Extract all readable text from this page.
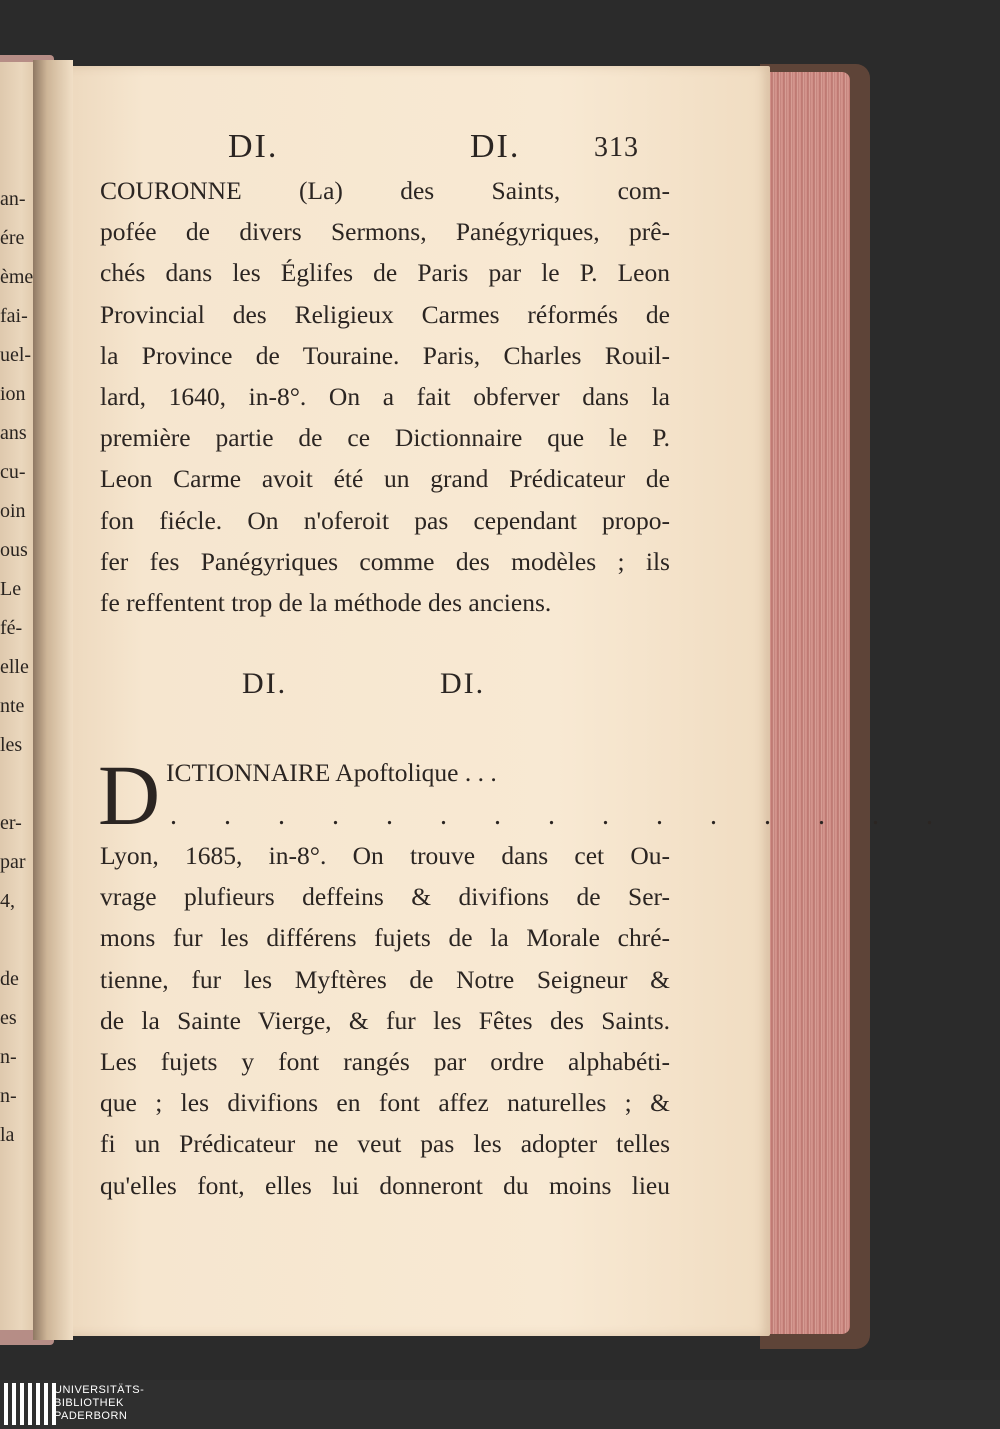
an-
ére
ème
fai-
uel-
ion
ans
cu-
oin
ous
Le
fé-
elle
nte
les
er-
par
4,
de
es
n-
n-
la
DI.	DI.	313
COURONNE (La) des Saints, com-
pofée de divers Sermons, Panégyriques, prê-
chés dans les Églifes de Paris par le P. Leon
Provincial des Religieux Carmes réformés de
la Province de Touraine. Paris, Charles Rouil-
lard, 1640, in-8°. On a fait obferver dans la
première partie de ce Dictionnaire que le P.
Leon Carme avoit été un grand Prédicateur de
fon fiécle. On n'oferoit pas cependant propo-
fer fes Panégyriques comme des modèles ; ils
fe reffentent trop de la méthode des anciens.
DI.	DI.
D ICTIONNAIRE Apoftolique . . .
. . . . . . . . . . . . . . .
Lyon, 1685, in-8°. On trouve dans cet Ou-
vrage plufieurs deffeins & divifions de Ser-
mons fur les différens fujets de la Morale chré-
tienne, fur les Myftères de Notre Seigneur &
de la Sainte Vierge, & fur les Fêtes des Saints.
Les fujets y font rangés par ordre alphabéti-
que ; les divifions en font affez naturelles ; &
fi un Prédicateur ne veut pas les adopter telles
qu'elles font, elles lui donneront du moins lieu
UNIVERSITÄTS-
BIBLIOTHEK
PADERBORN
